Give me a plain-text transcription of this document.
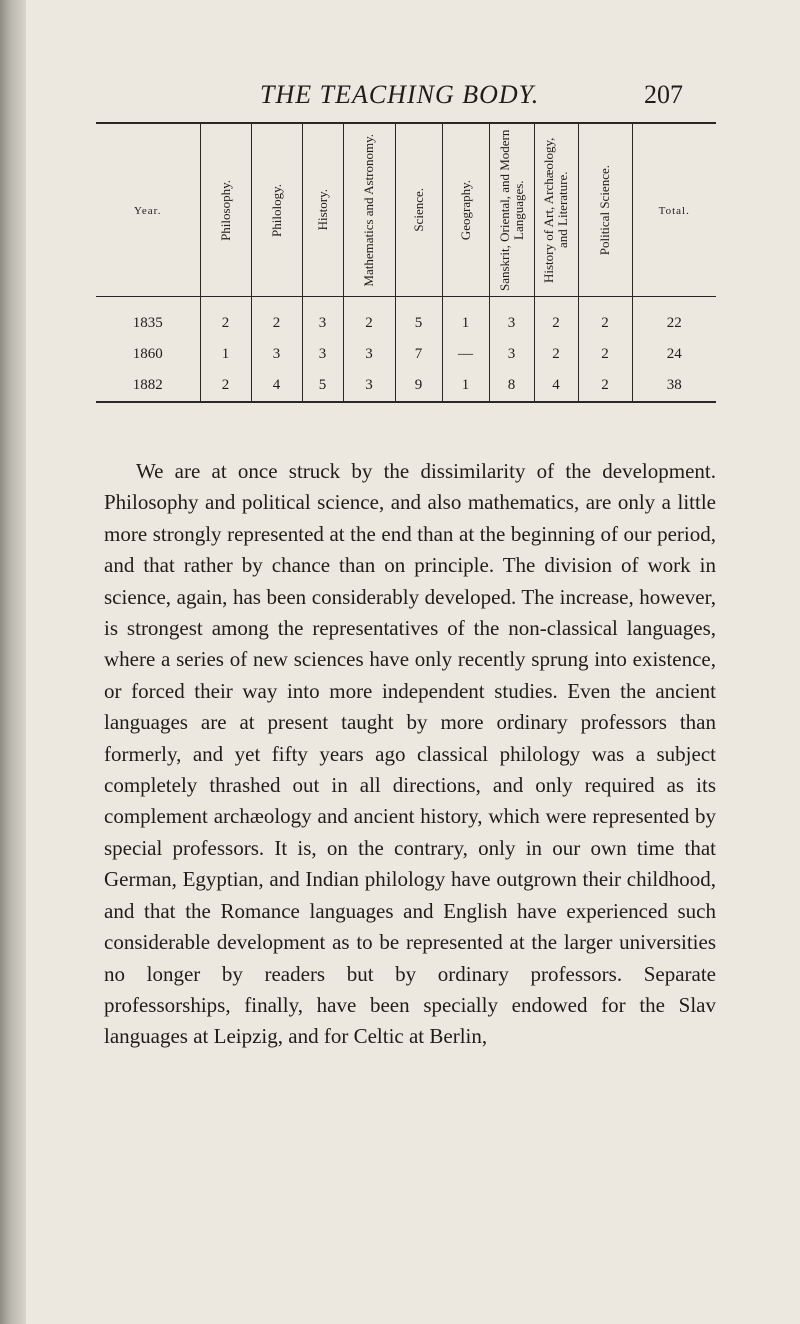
THE TEACHING BODY.	207
Year.	Philosophy.	Philology.	History.	Mathematics and Astronomy.	Science.	Geography.	Sanskrit, Oriental, and Modern Languages.	History of Art, Archæology, and Literature.	Political Science.	Total.
1835	2	2	3	2	5	1	3	2	2	22
1860	1	3	3	3	7	—	3	2	2	24
1882	2	4	5	3	9	1	8	4	2	38

We are at once struck by the dissimilarity of the development. Philosophy and political science, and also mathematics, are only a little more strongly represented at the end than at the beginning of our period, and that rather by chance than on principle. The division of work in science, again, has been considerably developed. The increase, however, is strongest among the representatives of the non-classical languages, where a series of new sciences have only recently sprung into existence, or forced their way into more independent studies. Even the ancient languages are at present taught by more ordinary professors than formerly, and yet fifty years ago classical philology was a subject completely thrashed out in all directions, and only required as its complement archæology and ancient history, which were represented by special professors. It is, on the contrary, only in our own time that German, Egyptian, and Indian philology have outgrown their childhood, and that the Romance languages and English have experienced such considerable development as to be represented at the larger universities no longer by readers but by ordinary professors. Separate professorships, finally, have been specially endowed for the Slav languages at Leipzig, and for Celtic at Berlin,
